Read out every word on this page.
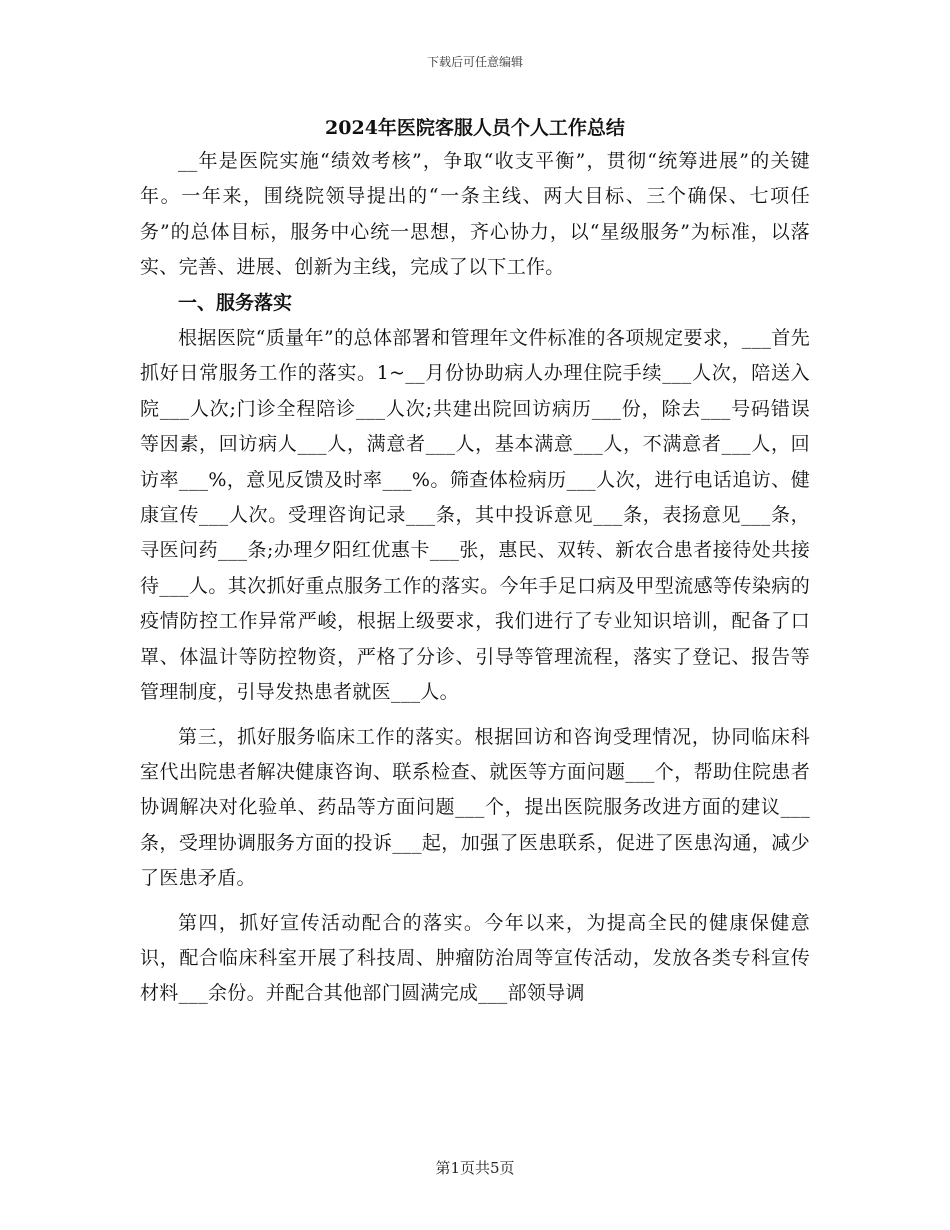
下载后可任意编辑
2024年医院客服人员个人工作总结

__年是医院实施“绩效考核”，争取“收支平衡”，贯彻“统筹进展”的关键年。一年来，围绕院领导提出的“一条主线、两大目标、三个确保、七项任务”的总体目标，服务中心统一思想，齐心协力，以“星级服务”为标准，以落实、完善、进展、创新为主线，完成了以下工作。

一、服务落实

根据医院“质量年”的总体部署和管理年文件标准的各项规定要求，___首先抓好日常服务工作的落实。1~__月份协助病人办理住院手续___人次，陪送入院___人次;门诊全程陪诊___人次;共建出院回访病历___份，除去___号码错误等因素，回访病人___人，满意者___人，基本满意___人，不满意者___人，回访率___%，意见反馈及时率___%。筛查体检病历___人次，进行电话追访、健康宣传___人次。受理咨询记录___条，其中投诉意见___条，表扬意见___条，寻医问药___条;办理夕阳红优惠卡___张，惠民、双转、新农合患者接待处共接待___人。其次抓好重点服务工作的落实。今年手足口病及甲型流感等传染病的疫情防控工作异常严峻，根据上级要求，我们进行了专业知识培训，配备了口罩、体温计等防控物资，严格了分诊、引导等管理流程，落实了登记、报告等管理制度，引导发热患者就医___人。

第三，抓好服务临床工作的落实。根据回访和咨询受理情况，协同临床科室代出院患者解决健康咨询、联系检查、就医等方面问题___个，帮助住院患者协调解决对化验单、药品等方面问题___个，提出医院服务改进方面的建议___条，受理协调服务方面的投诉___起，加强了医患联系，促进了医患沟通，减少了医患矛盾。

第四，抓好宣传活动配合的落实。今年以来，为提高全民的健康保健意识，配合临床科室开展了科技周、肿瘤防治周等宣传活动，发放各类专科宣传材料___余份。并配合其他部门圆满完成___部领导调

第1页共5页
